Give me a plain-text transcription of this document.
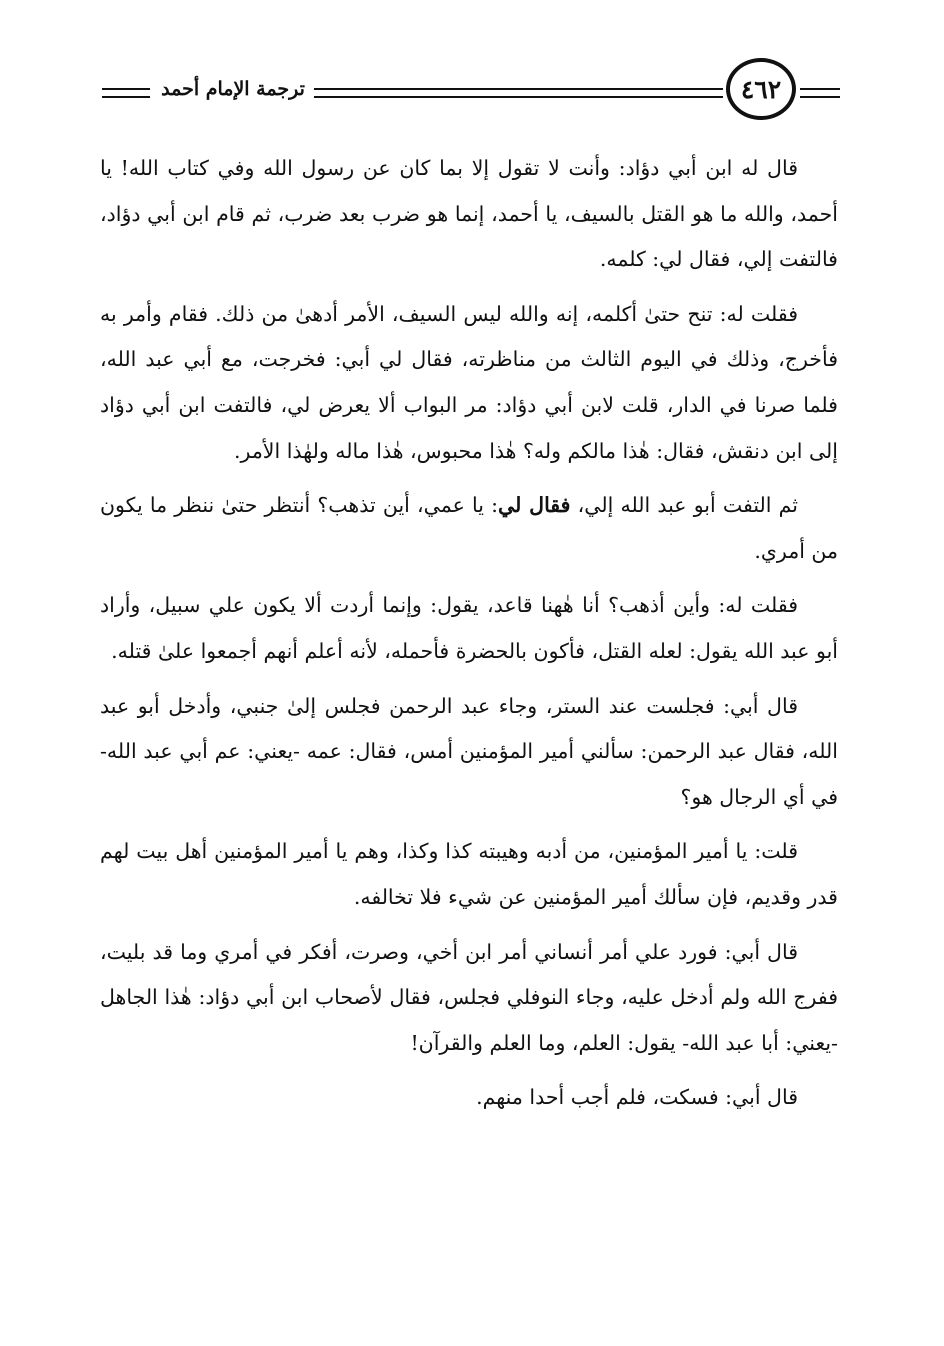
ترجمة الإمام أحمد	٤٦٢

قال له ابن أبي دؤاد: وأنت لا تقول إلا بما كان عن رسول الله وفي كتاب الله! يا أحمد، والله ما هو القتل بالسيف، يا أحمد، إنما هو ضرب بعد ضرب، ثم قام ابن أبي دؤاد، فالتفت إلي، فقال لي: كلمه.

فقلت له: تنح حتىٰ أكلمه، إنه والله ليس السيف، الأمر أدهىٰ من ذلك. فقام وأمر به فأخرج، وذلك في اليوم الثالث من مناظرته، فقال لي أبي: فخرجت، مع أبي عبد الله، فلما صرنا في الدار، قلت لابن أبي دؤاد: مر البواب ألا يعرض لي، فالتفت ابن أبي دؤاد إلى ابن دنقش، فقال: هٰذا مالكم وله؟ هٰذا محبوس، هٰذا ماله ولهٰذا الأمر.

ثم التفت أبو عبد الله إلي، فقال لي: يا عمي، أين تذهب؟ أنتظر حتىٰ ننظر ما يكون من أمري.

فقلت له: وأين أذهب؟ أنا هٰهنا قاعد، يقول: وإنما أردت ألا يكون علي سبيل، وأراد أبو عبد الله يقول: لعله القتل، فأكون بالحضرة فأحمله، لأنه أعلم أنهم أجمعوا علىٰ قتله.

قال أبي: فجلست عند الستر، وجاء عبد الرحمن فجلس إلىٰ جنبي، وأدخل أبو عبد الله، فقال عبد الرحمن: سألني أمير المؤمنين أمس، فقال: عمه -يعني: عم أبي عبد الله- في أي الرجال هو؟

قلت: يا أمير المؤمنين، من أدبه وهيبته كذا وكذا، وهم يا أمير المؤمنين أهل بيت لهم قدر وقديم، فإن سألك أمير المؤمنين عن شيء فلا تخالفه.

قال أبي: فورد علي أمر أنساني أمر ابن أخي، وصرت، أفكر في أمري وما قد بليت، ففرج الله ولم أدخل عليه، وجاء النوفلي فجلس، فقال لأصحاب ابن أبي دؤاد: هٰذا الجاهل -يعني: أبا عبد الله- يقول: العلم، وما العلم والقرآن!

قال أبي: فسكت، فلم أجب أحدا منهم.
